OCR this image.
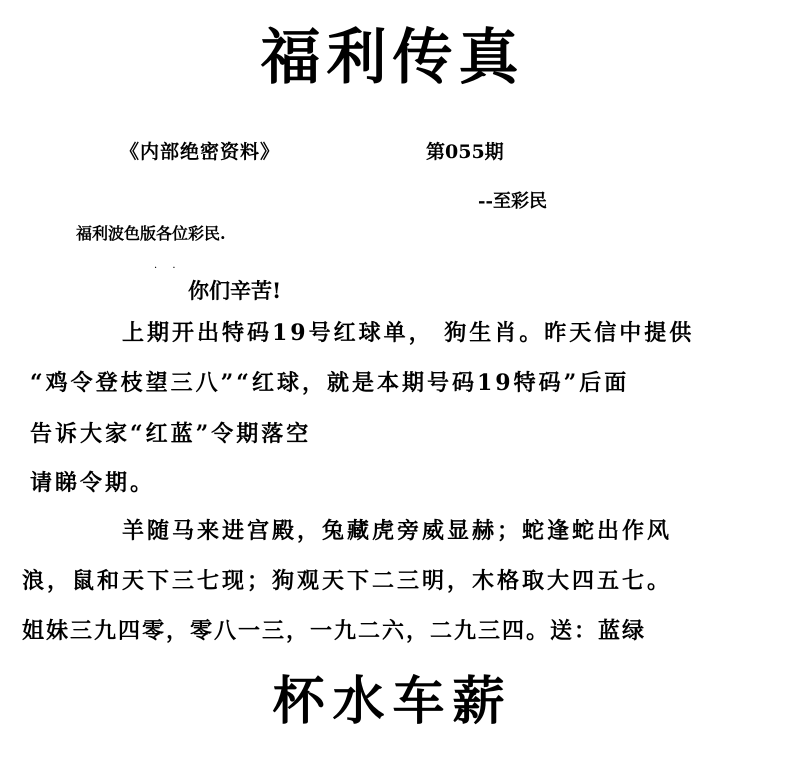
福利传真
《内部绝密资料》	第055期
--至彩民
福利波色版各位彩民.
· ·
你们辛苦!
上期开出特码19号红球单， 狗生肖。昨天信中提供
“鸡令登枝望三八”“红球，就是本期号码19特码”后面
告诉大家“红蓝”令期落空
请睇令期。
羊随马来进宫殿，兔藏虎旁威显赫；蛇逢蛇出作风
浪，鼠和天下三七现；狗观天下二三明，木格取大四五七。
姐妹三九四零，零八一三，一九二六，二九三四。送：蓝绿
杯水车薪
